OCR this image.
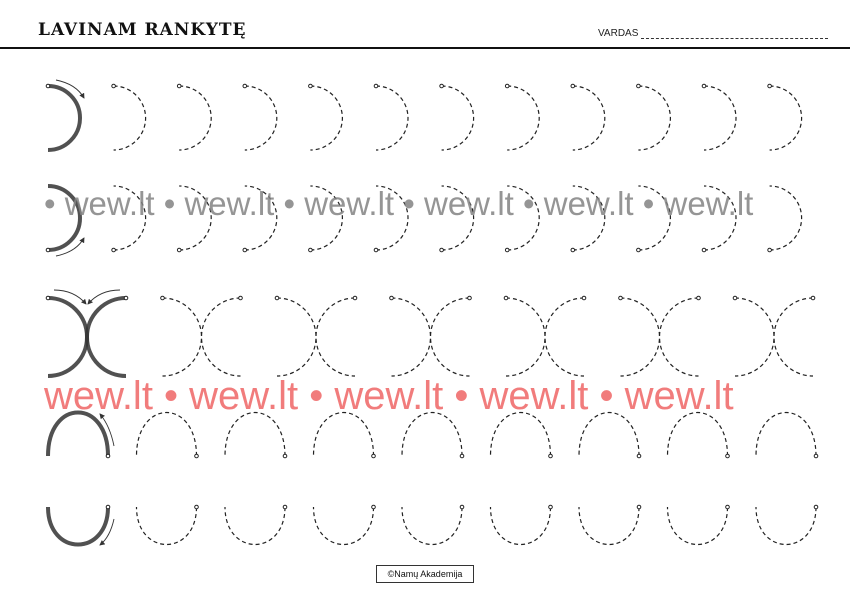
LAVINAM RANKYTĘ	VARDAS
• wew.lt • wew.lt • wew.lt • wew.lt • wew.lt • wew.lt
wew.lt • wew.lt • wew.lt • wew.lt • wew.lt
©Namų Akademija
